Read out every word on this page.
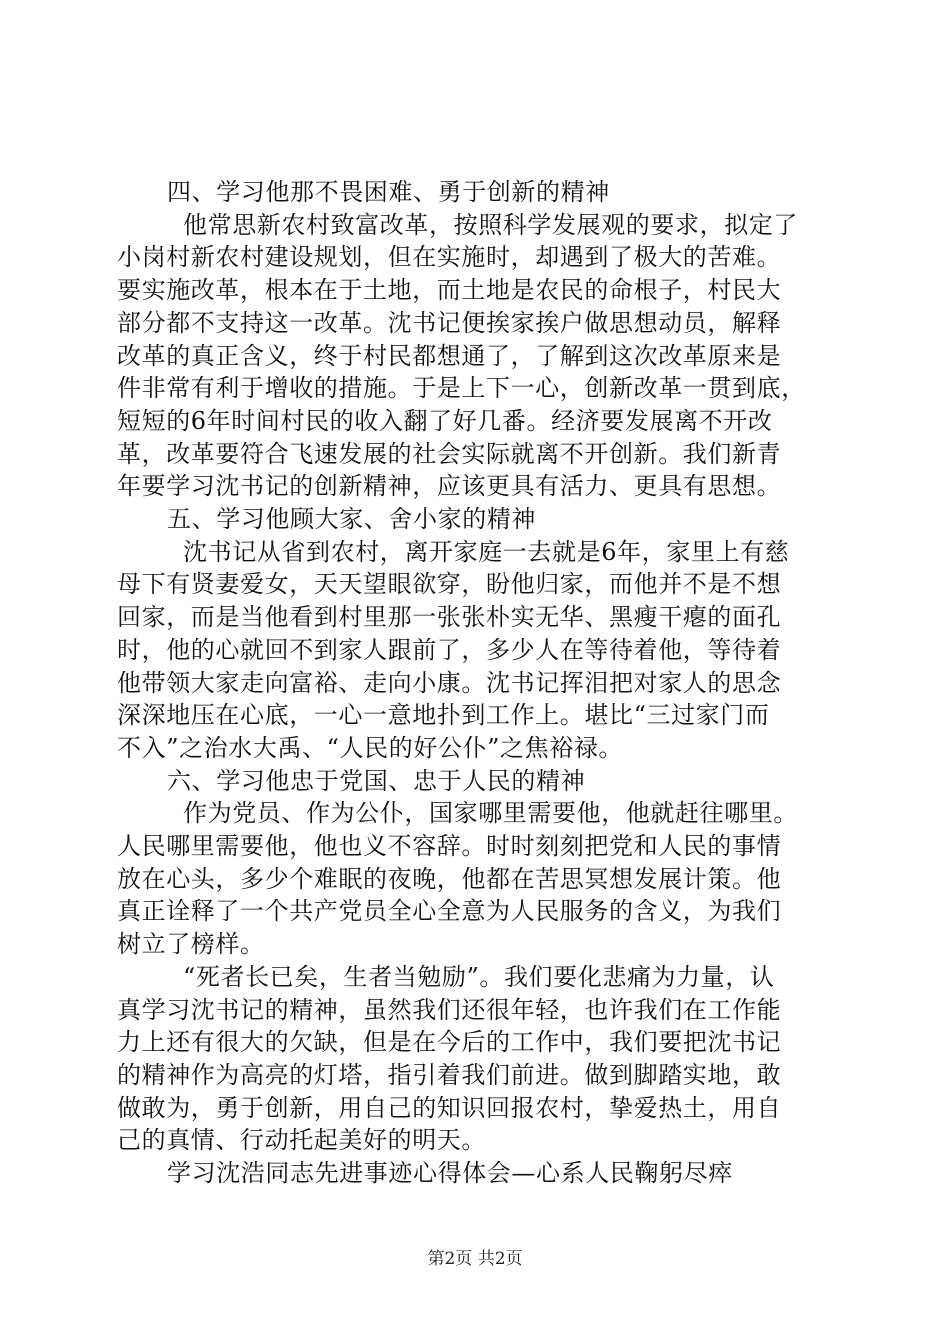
四、学习他那不畏困难、勇于创新的精神
他常思新农村致富改革，按照科学发展观的要求，拟定了
小岗村新农村建设规划，但在实施时，却遇到了极大的苦难。
要实施改革，根本在于土地，而土地是农民的命根子，村民大
部分都不支持这一改革。沈书记便挨家挨户做思想动员，解释
改革的真正含义，终于村民都想通了，了解到这次改革原来是
件非常有利于增收的措施。于是上下一心，创新改革一贯到底，
短短的6年时间村民的收入翻了好几番。经济要发展离不开改
革，改革要符合飞速发展的社会实际就离不开创新。我们新青
年要学习沈书记的创新精神，应该更具有活力、更具有思想。
五、学习他顾大家、舍小家的精神
沈书记从省到农村，离开家庭一去就是6年，家里上有慈
母下有贤妻爱女，天天望眼欲穿，盼他归家，而他并不是不想
回家，而是当他看到村里那一张张朴实无华、黑瘦干瘪的面孔
时，他的心就回不到家人跟前了，多少人在等待着他，等待着
他带领大家走向富裕、走向小康。沈书记挥泪把对家人的思念
深深地压在心底，一心一意地扑到工作上。堪比“三过家门而
不入”之治水大禹、“人民的好公仆”之焦裕禄。
六、学习他忠于党国、忠于人民的精神
作为党员、作为公仆，国家哪里需要他，他就赶往哪里。
人民哪里需要他，他也义不容辞。时时刻刻把党和人民的事情
放在心头，多少个难眠的夜晚，他都在苦思冥想发展计策。他
真正诠释了一个共产党员全心全意为人民服务的含义，为我们
树立了榜样。
“死者长已矣，生者当勉励”。我们要化悲痛为力量，认
真学习沈书记的精神，虽然我们还很年轻，也许我们在工作能
力上还有很大的欠缺，但是在今后的工作中，我们要把沈书记
的精神作为高亮的灯塔，指引着我们前进。做到脚踏实地，敢
做敢为，勇于创新，用自己的知识回报农村，挚爱热土，用自
己的真情、行动托起美好的明天。
学习沈浩同志先进事迹心得体会—心系人民鞠躬尽瘁
第2页 共2页
